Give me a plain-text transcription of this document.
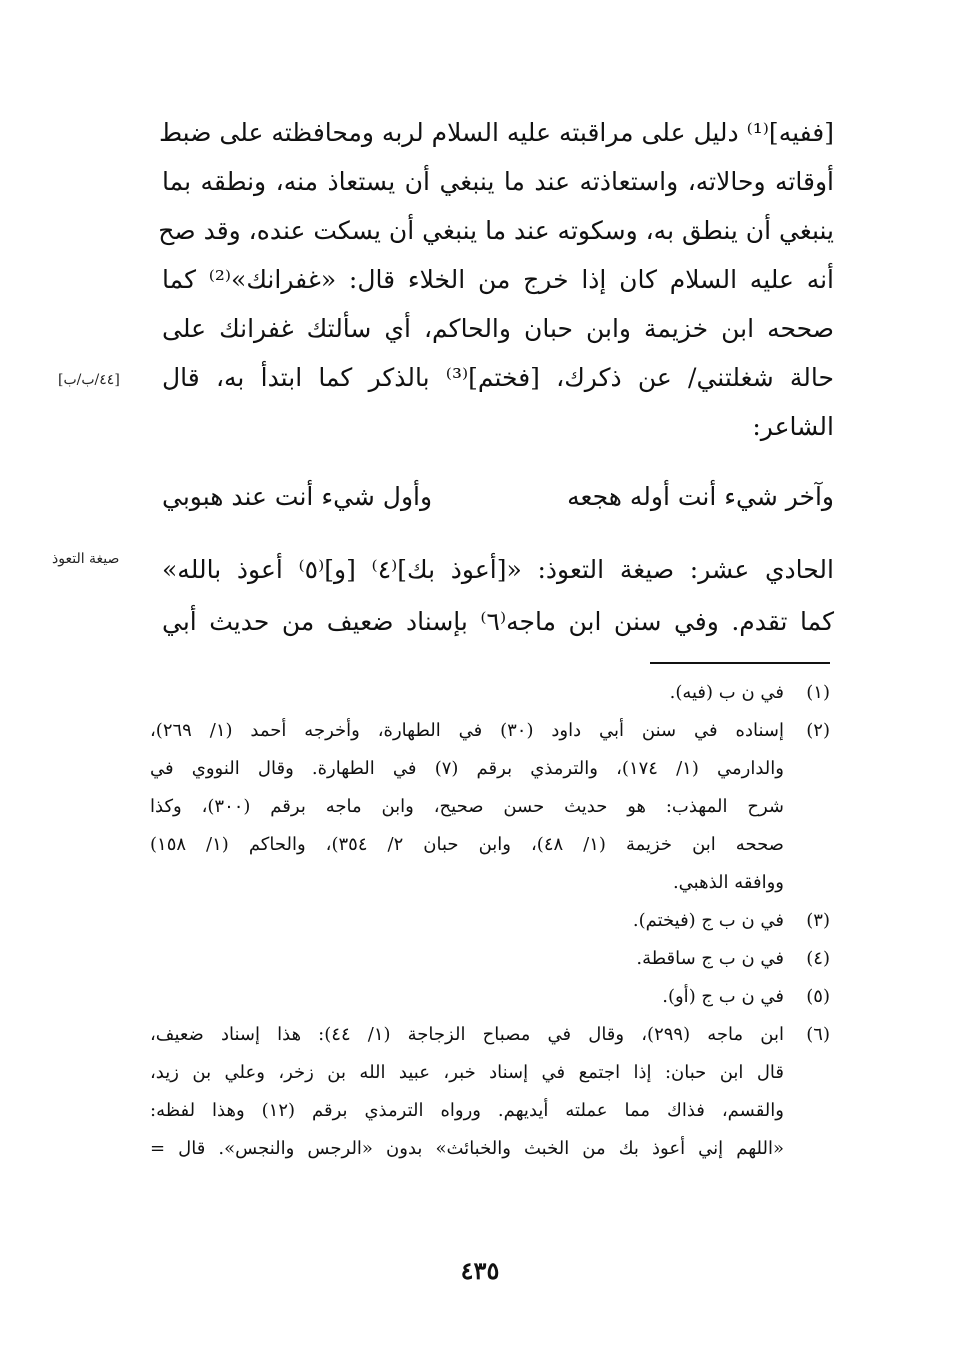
[ففيه]⁽¹⁾ دليل على مراقبته عليه السلام لربه ومحافظته على ضبط
أوقاته وحالاته، واستعاذته عند ما ينبغي أن يستعاذ منه، ونطقه بما
ينبغي أن ينطق به، وسكوته عند ما ينبغي أن يسكت عنده، وقد صح
أنه عليه السلام كان إذا خرج من الخلاء قال: «غفرانك»⁽²⁾ كما
صححه ابن خزيمة وابن حبان والحاكم، أي سألتك غفرانك على
حالة شغلتني/ عن ذكرك، [فختم]⁽³⁾ بالذكر كما ابتدأ به، قال
الشاعر:
[٤٤/ب/ب]
صيغة التعوذ
وآخر شيء أنت أوله هجعه
وأول شيء أنت عند هبوبي
الحادي عشر: صيغة التعوذ: «[أعوذ بك]⁽٤⁾ [و]⁽٥⁾ أعوذ بالله»
كما تقدم. وفي سنن ابن ماجه⁽٦⁾ بإسناد ضعيف من حديث أبي
(١)
في ن ب (فيه).
(٢)
إسناده في سنن أبي داود (٣٠) في الطهارة، وأخرجه أحمد (١/ ٢٦٩)،
والدارمي (١/ ١٧٤)، والترمذي برقم (٧) في الطهارة. وقال النووي في
شرح المهذب: هو حديث حسن صحيح، وابن ماجه برقم (٣٠٠)، وكذا
صححه ابن خزيمة (١/ ٤٨)، وابن حبان ٢/ ٣٥٤)، والحاكم (١/ ١٥٨)
ووافقه الذهبي.
(٣)
في ن ب ج (فيختم).
(٤)
في ن ب ج ساقطة.
(٥)
في ن ب ج (أو).
(٦)
ابن ماجه (٢٩٩)، وقال في مصباح الزجاجة (١/ ٤٤): هذا إسناد ضعيف،
قال ابن حبان: إذا اجتمع في إسناد خبر، عبيد الله بن زخر، وعلي بن زيد،
والقسم، فذاك مما عملته أيديهم. ورواه الترمذي برقم (١٢) وهذا لفظه:
«اللهم إني أعوذ بك من الخبث والخبائث» بدون «الرجس والنجس». قال =
٤٣٥
